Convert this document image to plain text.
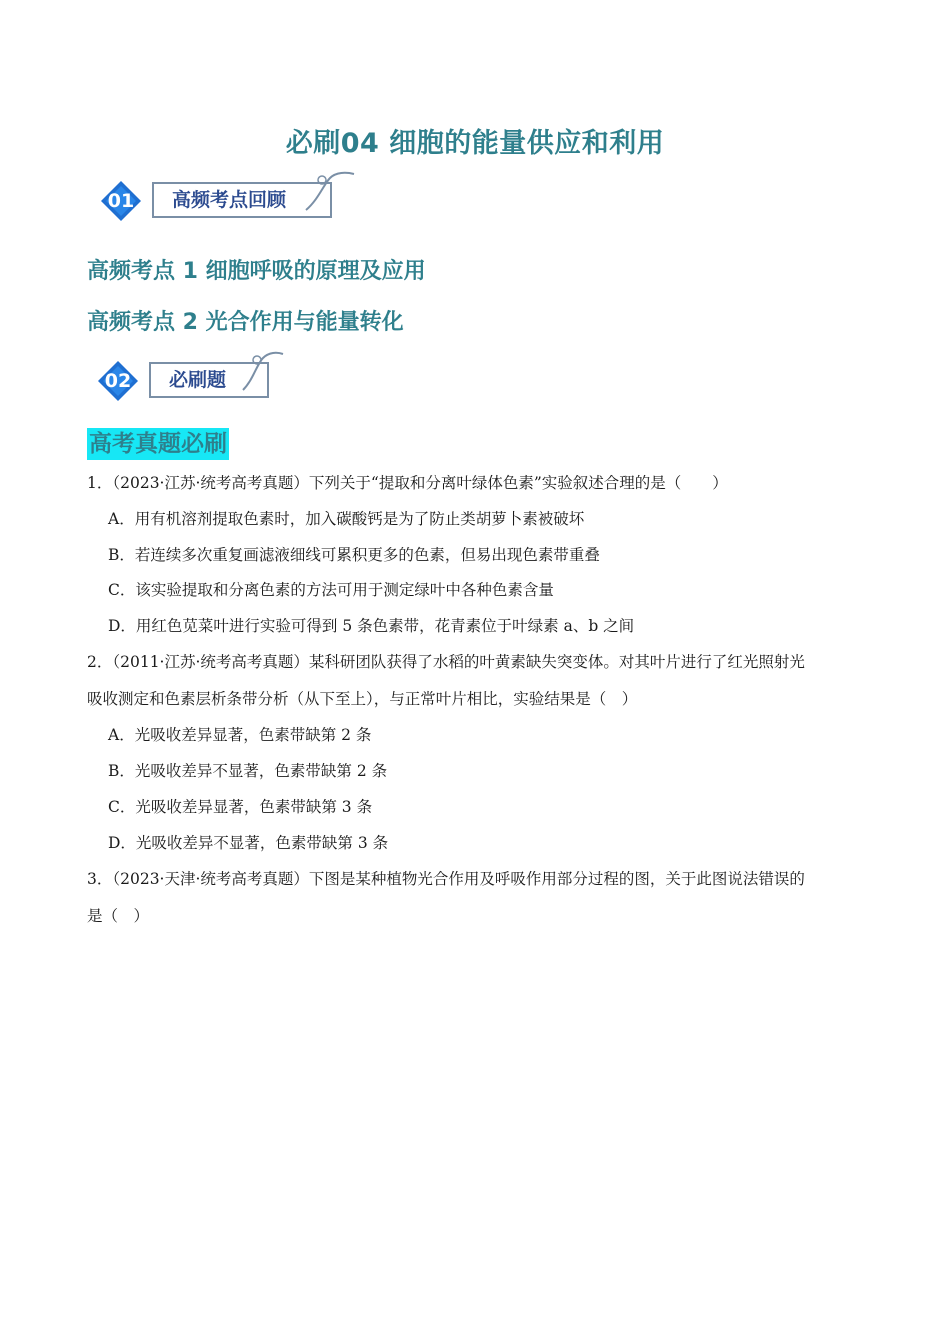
必刷04 细胞的能量供应和利用
01	高频考点回顾
高频考点 1 细胞呼吸的原理及应用
高频考点 2 光合作用与能量转化
02	必刷题
高考真题必刷
1．（2023·江苏·统考高考真题）下列关于“提取和分离叶绿体色素”实验叙述合理的是（　　）
A．用有机溶剂提取色素时，加入碳酸钙是为了防止类胡萝卜素被破坏
B．若连续多次重复画滤液细线可累积更多的色素，但易出现色素带重叠
C．该实验提取和分离色素的方法可用于测定绿叶中各种色素含量
D．用红色苋菜叶进行实验可得到 5 条色素带，花青素位于叶绿素 a、b 之间
2．（2011·江苏·统考高考真题）某科研团队获得了水稻的叶黄素缺失突变体。对其叶片进行了红光照射光
吸收测定和色素层析条带分析（从下至上），与正常叶片相比，实验结果是（　）
A．光吸收差异显著，色素带缺第 2 条
B．光吸收差异不显著，色素带缺第 2 条
C．光吸收差异显著，色素带缺第 3 条
D．光吸收差异不显著，色素带缺第 3 条
3．（2023·天津·统考高考真题）下图是某种植物光合作用及呼吸作用部分过程的图，关于此图说法错误的
是（　）
